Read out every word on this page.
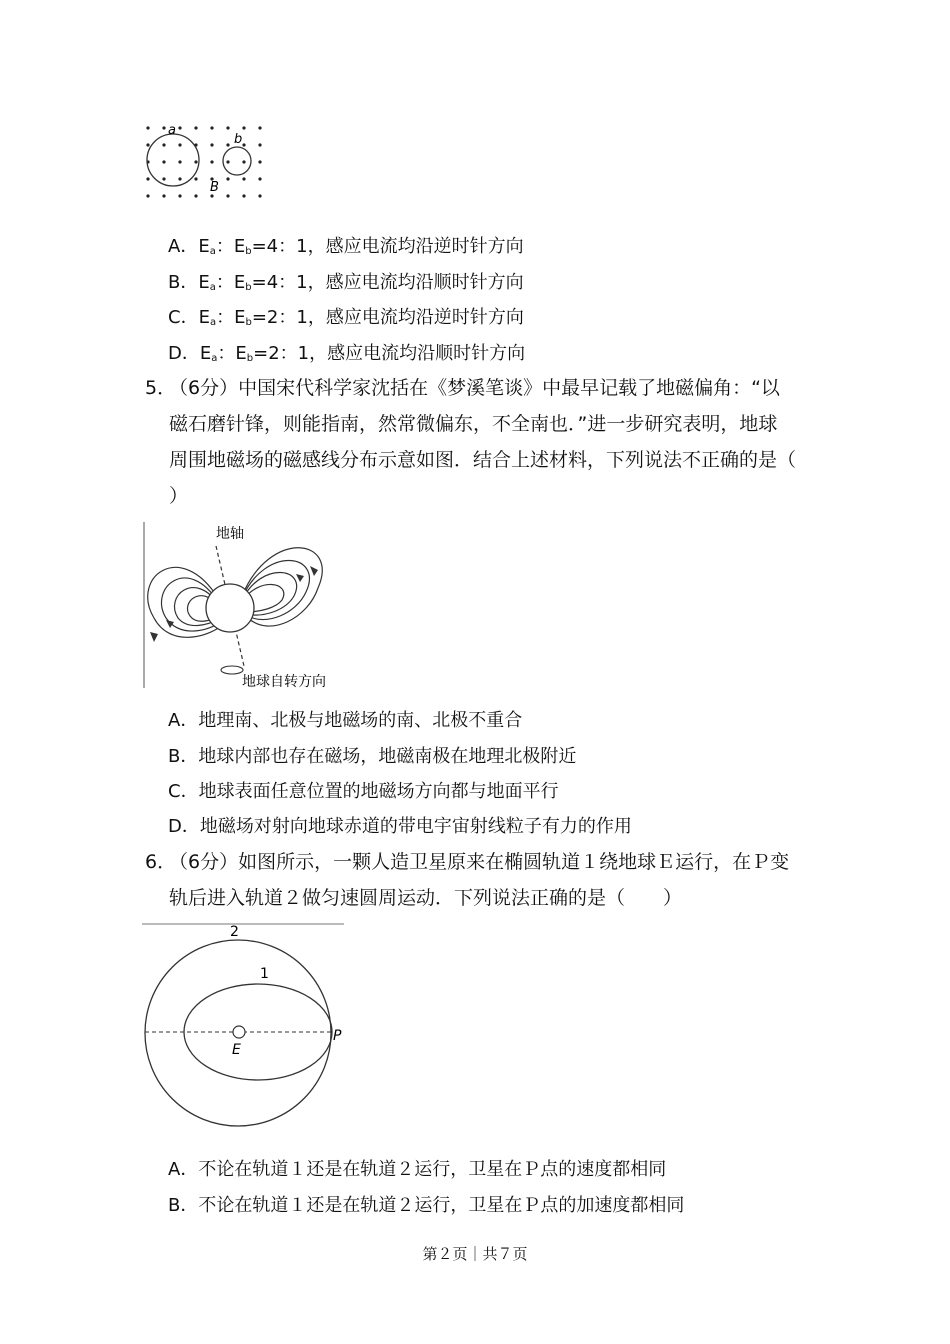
a
b
B
A．$E_a$：$E_b=4$：1，感应电流均沿逆时针方向
B．$E_a$：$E_b=4$：1，感应电流均沿顺时针方向
C．$E_a$：$E_b=2$：1，感应电流均沿逆时针方向
D．$E_a$：$E_b=2$：1，感应电流均沿顺时针方向
5．
（6分）中国宋代科学家沈括在《梦溪笔谈》中最早记载了地磁偏角：“以
磁石磨针锋，则能指南，然常微偏东，不全南也．”进一步研究表明，地球
周围地磁场的磁感线分布示意如图．结合上述材料，下列说法不正确的是（
）
地轴
地球自转方向
A．地理南、北极与地磁场的南、北极不重合
B．地球内部也存在磁场，地磁南极在地理北极附近
C．地球表面任意位置的地磁场方向都与地面平行
D．地磁场对射向地球赤道的带电宇宙射线粒子有力的作用
6．
（6分）如图所示，一颗人造卫星原来在椭圆轨道１绕地球Ｅ运行，在Ｐ变
轨后进入轨道２做匀速圆周运动．下列说法正确的是（　　）
2
1
E
P
A．不论在轨道１还是在轨道２运行，卫星在Ｐ点的速度都相同
B．不论在轨道１还是在轨道２运行，卫星在Ｐ点的加速度都相同
第２页｜共７页
